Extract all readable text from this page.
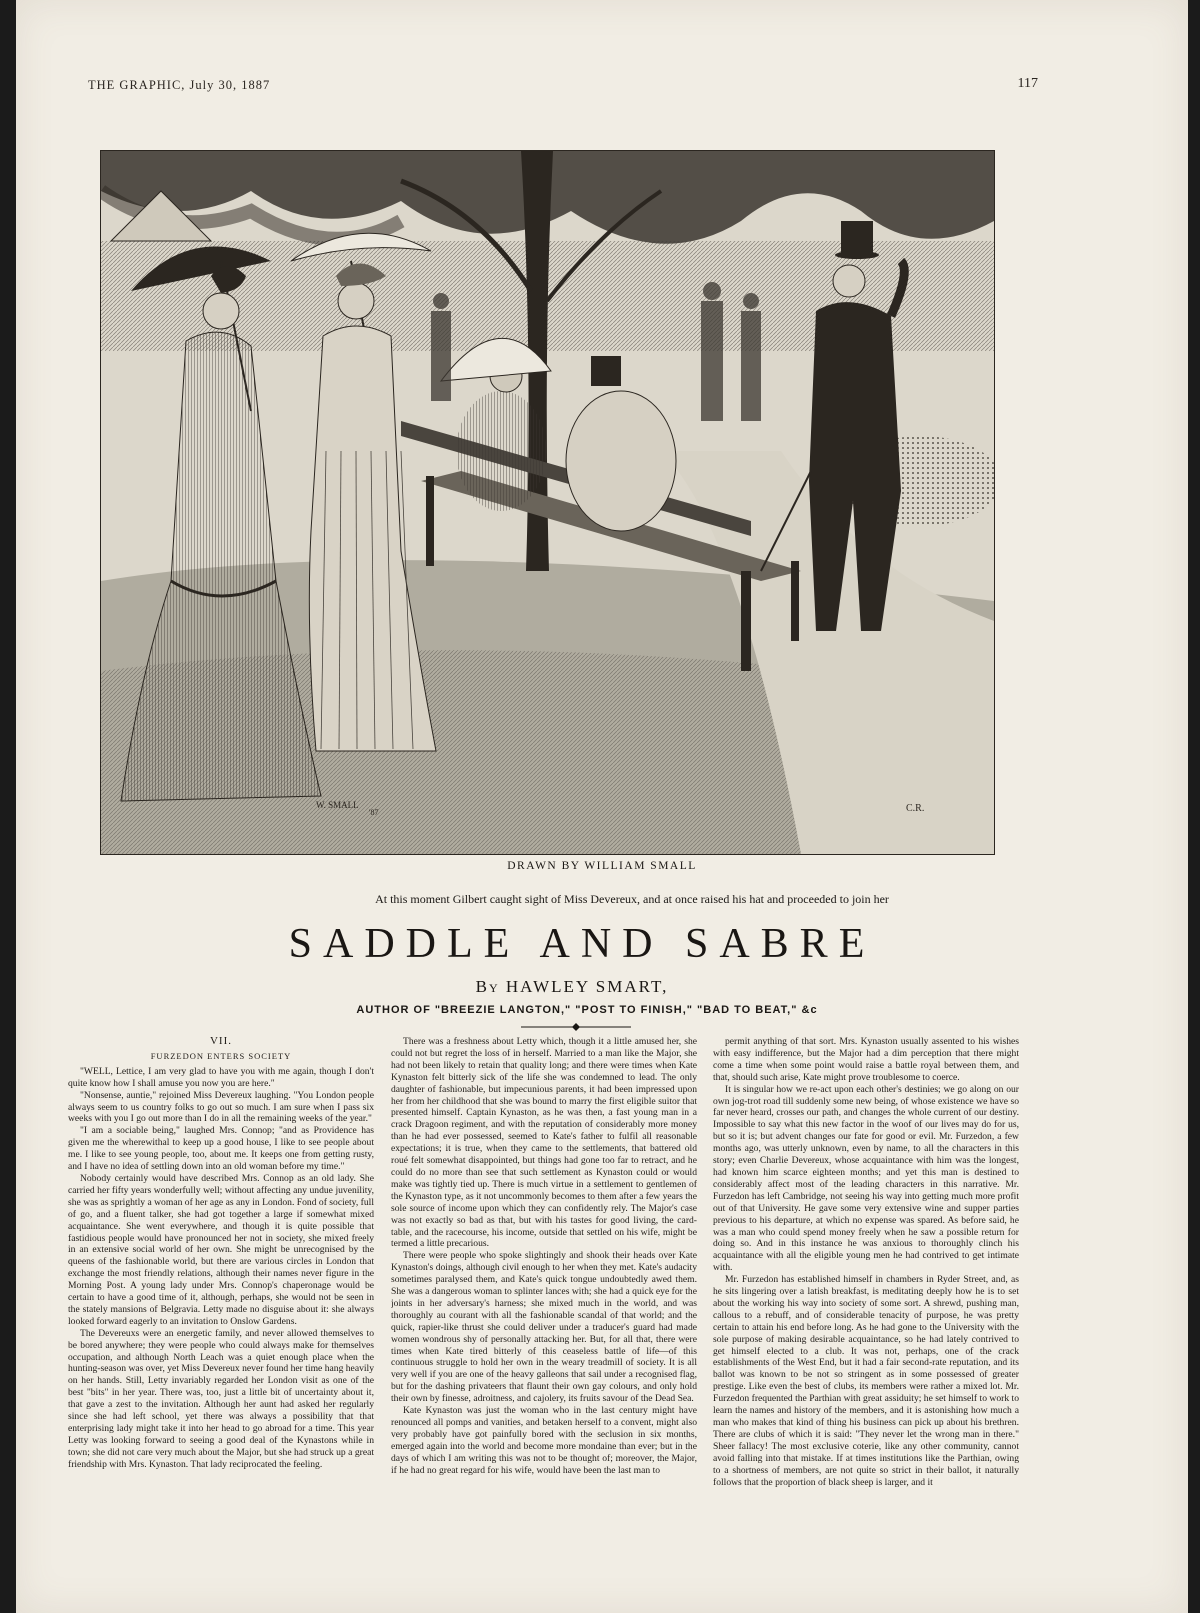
THE GRAPHIC, July 30, 1887	117
W. SMALL
'87	C.R.
DRAWN BY WILLIAM SMALL
At this moment Gilbert caught sight of Miss Devereux, and at once raised his hat and proceeded to join her
SADDLE AND SABRE
By HAWLEY SMART,
AUTHOR OF "BREEZIE LANGTON," "POST TO FINISH," "BAD TO BEAT," &c
VII.
FURZEDON ENTERS SOCIETY

"WELL, Lettice, I am very glad to have you with me again, though I don't quite know how I shall amuse you now you are here."

"Nonsense, auntie," rejoined Miss Devereux laughing. "You London people always seem to us country folks to go out so much. I am sure when I pass six weeks with you I go out more than I do in all the remaining weeks of the year."

"I am a sociable being," laughed Mrs. Connop; "and as Providence has given me the wherewithal to keep up a good house, I like to see people about me. I like to see young people, too, about me. It keeps one from getting rusty, and I have no idea of settling down into an old woman before my time."

Nobody certainly would have described Mrs. Connop as an old lady. She carried her fifty years wonderfully well; without affecting any undue juvenility, she was as sprightly a woman of her age as any in London. Fond of society, full of go, and a fluent talker, she had got together a large if somewhat mixed acquaintance. She went everywhere, and though it is quite possible that fastidious people would have pronounced her not in society, she mixed freely in an extensive social world of her own. She might be unrecognised by the queens of the fashionable world, but there are various circles in London that exchange the most friendly relations, although their names never figure in the Morning Post. A young lady under Mrs. Connop's chaperonage would be certain to have a good time of it, although, perhaps, she would not be seen in the stately mansions of Belgravia. Letty made no disguise about it: she always looked forward eagerly to an invitation to Onslow Gardens.

The Devereuxs were an energetic family, and never allowed themselves to be bored anywhere; they were people who could always make for themselves occupation, and although North Leach was a quiet enough place when the hunting-season was over, yet Miss Devereux never found her time hang heavily on her hands. Still, Letty invariably regarded her London visit as one of the best "bits" in her year. There was, too, just a little bit of uncertainty about it, that gave a zest to the invitation. Although her aunt had asked her regularly since she had left school, yet there was always a possibility that that enterprising lady might take it into her head to go abroad for a time. This year Letty was looking forward to seeing a good deal of the Kynastons while in town; she did not care very much about the Major, but she had struck up a great friendship with Mrs. Kynaston. That lady reciprocated the feeling.

There was a freshness about Letty which, though it a little amused her, she could not but regret the loss of in herself. Married to a man like the Major, she had not been likely to retain that quality long; and there were times when Kate Kynaston felt bitterly sick of the life she was condemned to lead. The only daughter of fashionable, but impecunious parents, it had been impressed upon her from her childhood that she was bound to marry the first eligible suitor that presented himself. Captain Kynaston, as he was then, a fast young man in a crack Dragoon regiment, and with the reputation of considerably more money than he had ever possessed, seemed to Kate's father to fulfil all reasonable expectations; it is true, when they came to the settlements, that battered old roué felt somewhat disappointed, but things had gone too far to retract, and he could do no more than see that such settlement as Kynaston could or would make was tightly tied up. There is much virtue in a settlement to gentlemen of the Kynaston type, as it not uncommonly becomes to them after a few years the sole source of income upon which they can confidently rely. The Major's case was not exactly so bad as that, but with his tastes for good living, the card-table, and the racecourse, his income, outside that settled on his wife, might be termed a little precarious.

There were people who spoke slightingly and shook their heads over Kate Kynaston's doings, although civil enough to her when they met. Kate's audacity sometimes paralysed them, and Kate's quick tongue undoubtedly awed them. She was a dangerous woman to splinter lances with; she had a quick eye for the joints in her adversary's harness; she mixed much in the world, and was thoroughly au courant with all the fashionable scandal of that world; and the quick, rapier-like thrust she could deliver under a traducer's guard had made women wondrous shy of personally attacking her. But, for all that, there were times when Kate tired bitterly of this ceaseless battle of life—of this continuous struggle to hold her own in the weary treadmill of society. It is all very well if you are one of the heavy galleons that sail under a recognised flag, but for the dashing privateers that flaunt their own gay colours, and only hold their own by finesse, adroitness, and cajolery, its fruits savour of the Dead Sea.

Kate Kynaston was just the woman who in the last century might have renounced all pomps and vanities, and betaken herself to a convent, might also very probably have got painfully bored with the seclusion in six months, emerged again into the world and become more mondaine than ever; but in the days of which I am writing this was not to be thought of; moreover, the Major, if he had no great regard for his wife, would have been the last man to

permit anything of that sort. Mrs. Kynaston usually assented to his wishes with easy indifference, but the Major had a dim perception that there might come a time when some point would raise a battle royal between them, and that, should such arise, Kate might prove troublesome to coerce.

It is singular how we re-act upon each other's destinies; we go along on our own jog-trot road till suddenly some new being, of whose existence we have so far never heard, crosses our path, and changes the whole current of our destiny. Impossible to say what this new factor in the woof of our lives may do for us, but so it is; but advent changes our fate for good or evil. Mr. Furzedon, a few months ago, was utterly unknown, even by name, to all the characters in this story; even Charlie Devereux, whose acquaintance with him was the longest, had known him scarce eighteen months; and yet this man is destined to considerably affect most of the leading characters in this narrative. Mr. Furzedon has left Cambridge, not seeing his way into getting much more profit out of that University. He gave some very extensive wine and supper parties previous to his departure, at which no expense was spared. As before said, he was a man who could spend money freely when he saw a possible return for doing so. And in this instance he was anxious to thoroughly clinch his acquaintance with all the eligible young men he had contrived to get intimate with.

Mr. Furzedon has established himself in chambers in Ryder Street, and, as he sits lingering over a latish breakfast, is meditating deeply how he is to set about the working his way into society of some sort. A shrewd, pushing man, callous to a rebuff, and of considerable tenacity of purpose, he was pretty certain to attain his end before long. As he had gone to the University with the sole purpose of making desirable acquaintance, so he had lately contrived to get himself elected to a club. It was not, perhaps, one of the crack establishments of the West End, but it had a fair second-rate reputation, and its ballot was known to be not so stringent as in some possessed of greater prestige. Like even the best of clubs, its members were rather a mixed lot. Mr. Furzedon frequented the Parthian with great assiduity; he set himself to work to learn the names and history of the members, and it is astonishing how much a man who makes that kind of thing his business can pick up about his brethren. There are clubs of which it is said: "They never let the wrong man in there." Sheer fallacy! The most exclusive coterie, like any other community, cannot avoid falling into that mistake. If at times institutions like the Parthian, owing to a shortness of members, are not quite so strict in their ballot, it naturally follows that the proportion of black sheep is larger, and it
